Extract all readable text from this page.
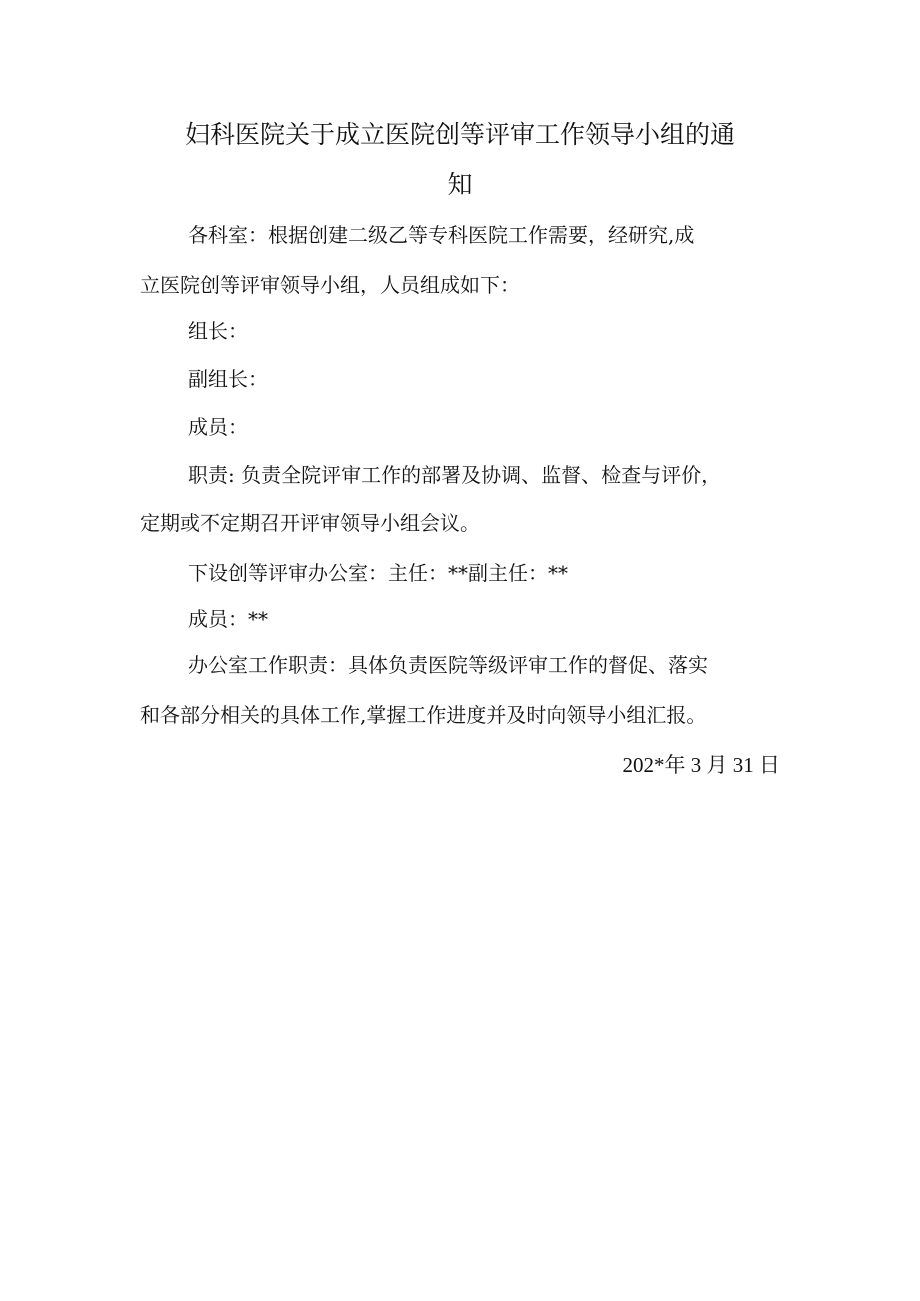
妇科医院关于成立医院创等评审工作领导小组的通
知
各科室：根据创建二级乙等专科医院工作需要，经研究,成
立医院创等评审领导小组，人员组成如下：
组长：
副组长：
成员：
职责: 负责全院评审工作的部署及协调、监督、检查与评价，
定期或不定期召开评审领导小组会议。
下设创等评审办公室：主任：**副主任：**
成员：**
办公室工作职责：具体负责医院等级评审工作的督促、落实
和各部分相关的具体工作,掌握工作进度并及时向领导小组汇报。
202*年 3 月 31 日
